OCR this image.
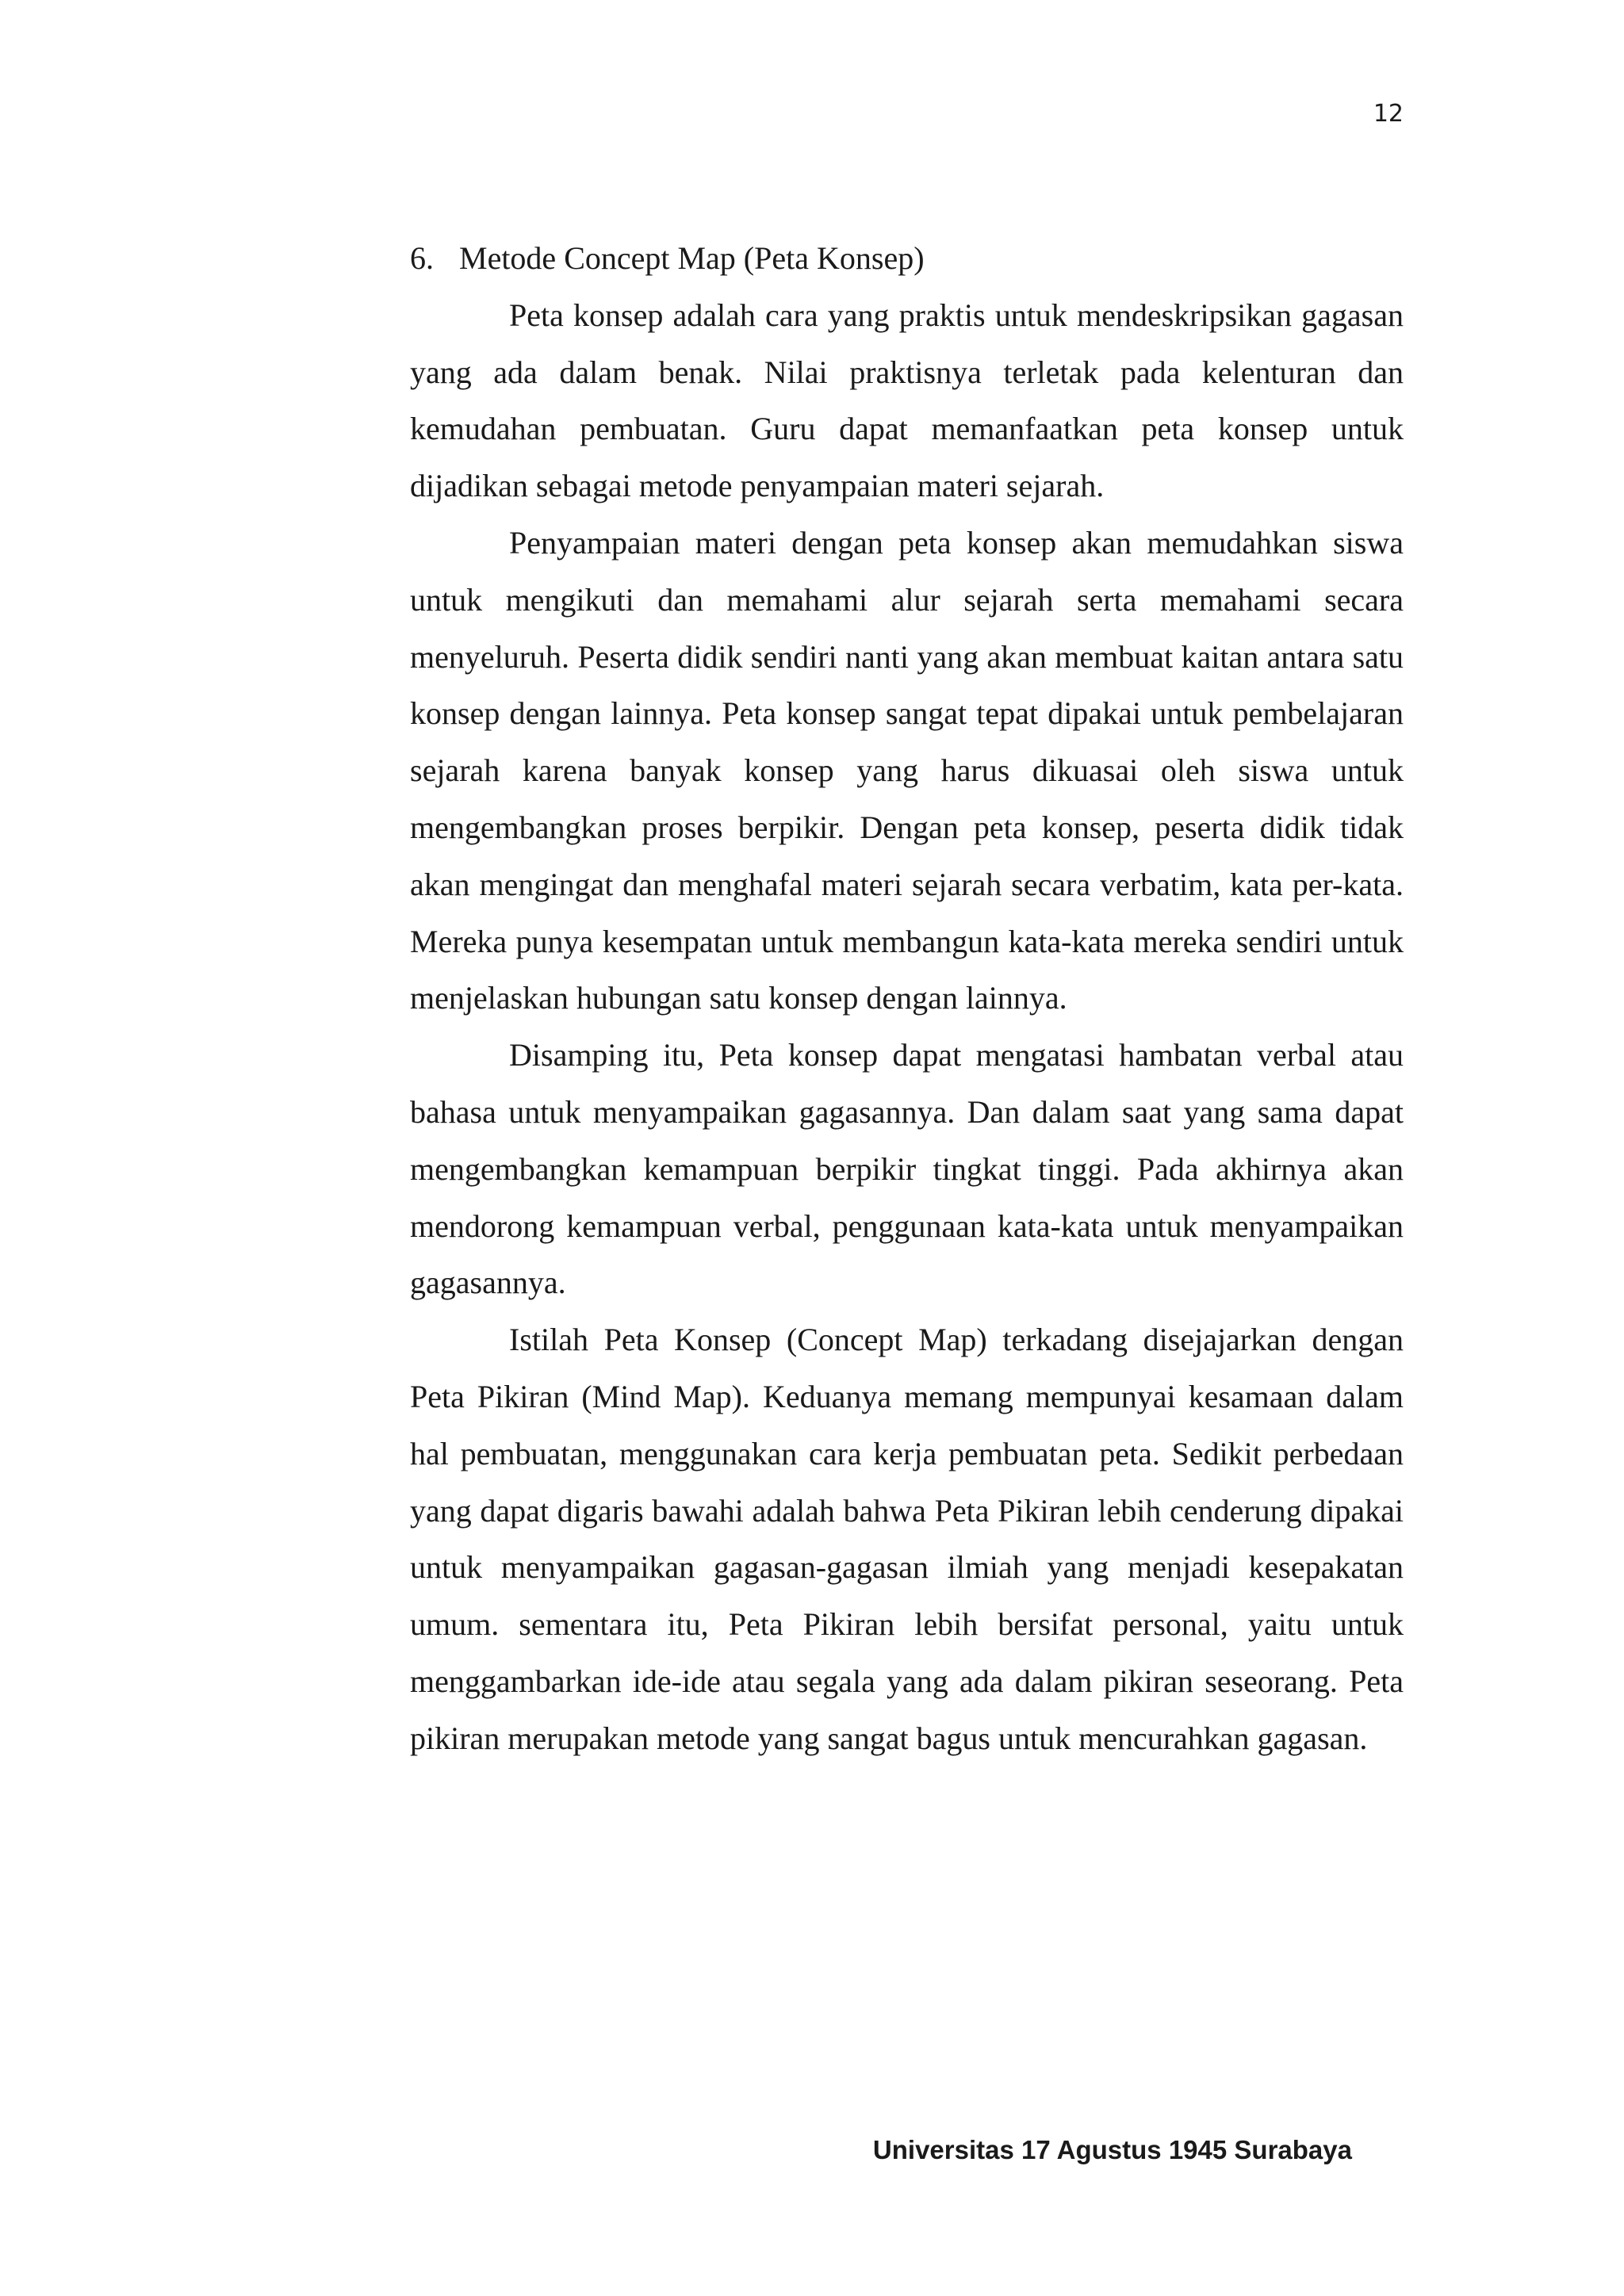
12
6. Metode Concept Map (Peta Konsep)

Peta konsep adalah cara yang praktis untuk mendeskripsikan gagasan yang ada dalam benak. Nilai praktisnya terletak pada kelenturan dan kemudahan pembuatan. Guru dapat memanfaatkan peta konsep untuk dijadikan sebagai metode penyampaian materi sejarah.

Penyampaian materi dengan peta konsep akan memudahkan siswa untuk mengikuti dan memahami alur sejarah serta memahami secara menyeluruh. Peserta didik sendiri nanti yang akan membuat kaitan antara satu konsep dengan lainnya. Peta konsep sangat tepat dipakai untuk pembelajaran sejarah karena banyak konsep yang harus dikuasai oleh siswa untuk mengembangkan proses berpikir. Dengan peta konsep, peserta didik tidak akan mengingat dan menghafal materi sejarah secara verbatim, kata per-kata. Mereka punya kesempatan untuk membangun kata-kata mereka sendiri untuk menjelaskan hubungan satu konsep dengan lainnya.

Disamping itu, Peta konsep dapat mengatasi hambatan verbal atau bahasa untuk menyampaikan gagasannya. Dan dalam saat yang sama dapat mengembangkan kemampuan berpikir tingkat tinggi. Pada akhirnya akan mendorong kemampuan verbal, penggunaan kata-kata untuk menyampaikan gagasannya.

Istilah Peta Konsep (Concept Map) terkadang disejajarkan dengan Peta Pikiran (Mind Map). Keduanya memang mempunyai kesamaan dalam hal pembuatan, menggunakan cara kerja pembuatan peta. Sedikit perbedaan yang dapat digaris bawahi adalah bahwa Peta Pikiran lebih cenderung dipakai untuk menyampaikan gagasan-gagasan ilmiah yang menjadi kesepakatan umum. sementara itu, Peta Pikiran lebih bersifat personal, yaitu untuk menggambarkan ide-ide atau segala yang ada dalam pikiran seseorang. Peta pikiran merupakan metode yang sangat bagus untuk mencurahkan gagasan.

Universitas 17 Agustus 1945 Surabaya
